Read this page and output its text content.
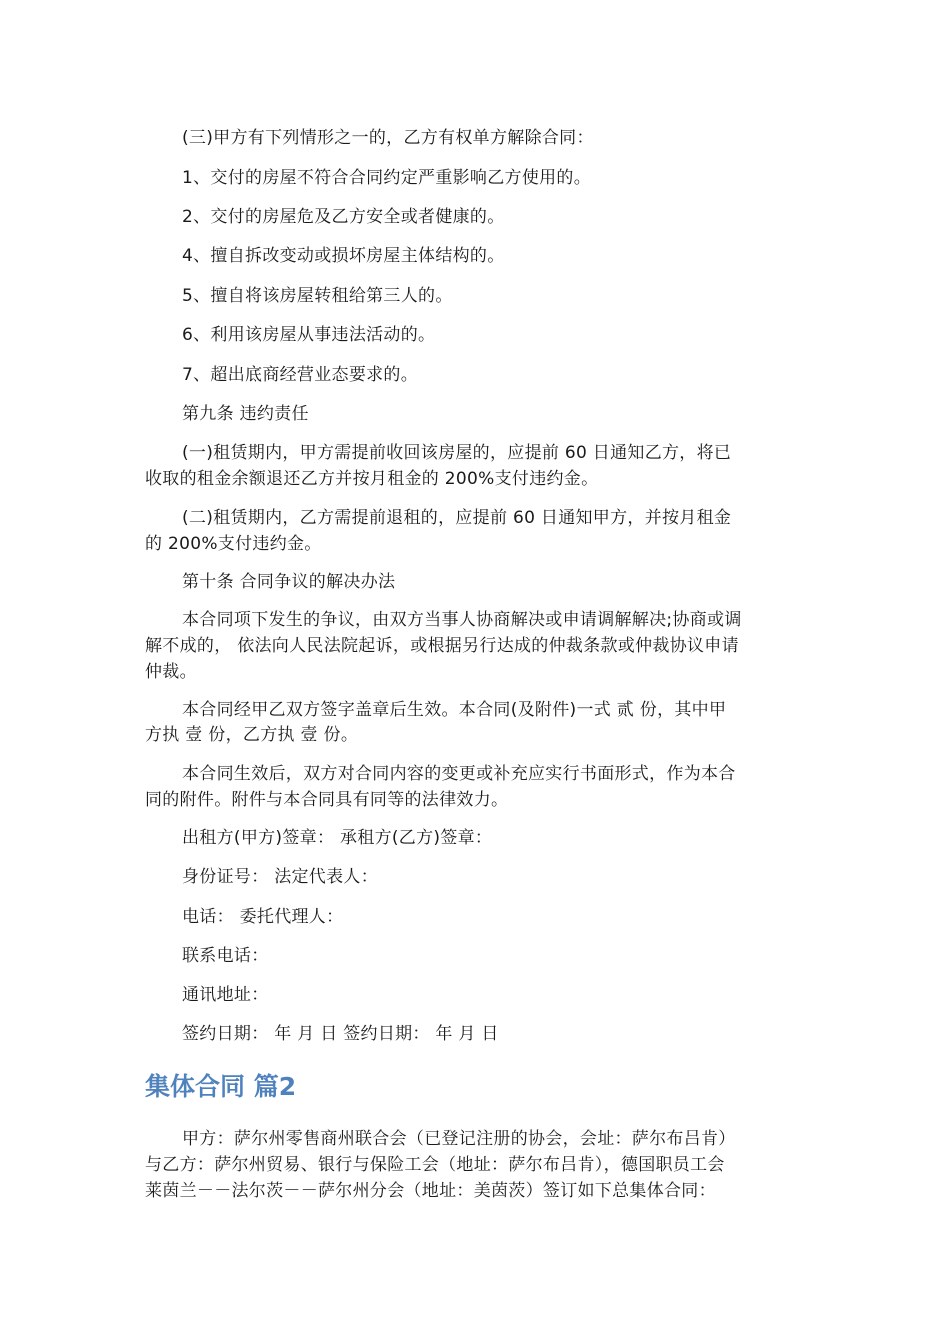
(三)甲方有下列情形之一的，乙方有权单方解除合同：
1、交付的房屋不符合合同约定严重影响乙方使用的。
2、交付的房屋危及乙方安全或者健康的。
4、擅自拆改变动或损坏房屋主体结构的。
5、擅自将该房屋转租给第三人的。
6、利用该房屋从事违法活动的。
7、超出底商经营业态要求的。
第九条 违约责任
(一)租赁期内，甲方需提前收回该房屋的，应提前 60 日通知乙方，将已
收取的租金余额退还乙方并按月租金的 200%支付违约金。
(二)租赁期内，乙方需提前退租的，应提前 60 日通知甲方，并按月租金
的 200%支付违约金。
第十条 合同争议的解决办法
本合同项下发生的争议，由双方当事人协商解决或申请调解解决;协商或调
解不成的， 依法向人民法院起诉，或根据另行达成的仲裁条款或仲裁协议申请
仲裁。
本合同经甲乙双方签字盖章后生效。本合同(及附件)一式 贰 份，其中甲
方执 壹 份，乙方执 壹 份。
本合同生效后，双方对合同内容的变更或补充应实行书面形式，作为本合
同的附件。附件与本合同具有同等的法律效力。
出租方(甲方)签章： 承租方(乙方)签章：
身份证号： 法定代表人：
电话： 委托代理人：
联系电话：
通讯地址：
签约日期： 年 月 日 签约日期： 年 月 日
集体合同 篇2
甲方：萨尔州零售商州联合会（已登记注册的协会，会址：萨尔布吕肯）
与乙方：萨尔州贸易、银行与保险工会（地址：萨尔布吕肯），德国职员工会
莱茵兰－－法尔茨－－萨尔州分会（地址：美茵茨）签订如下总集体合同：
